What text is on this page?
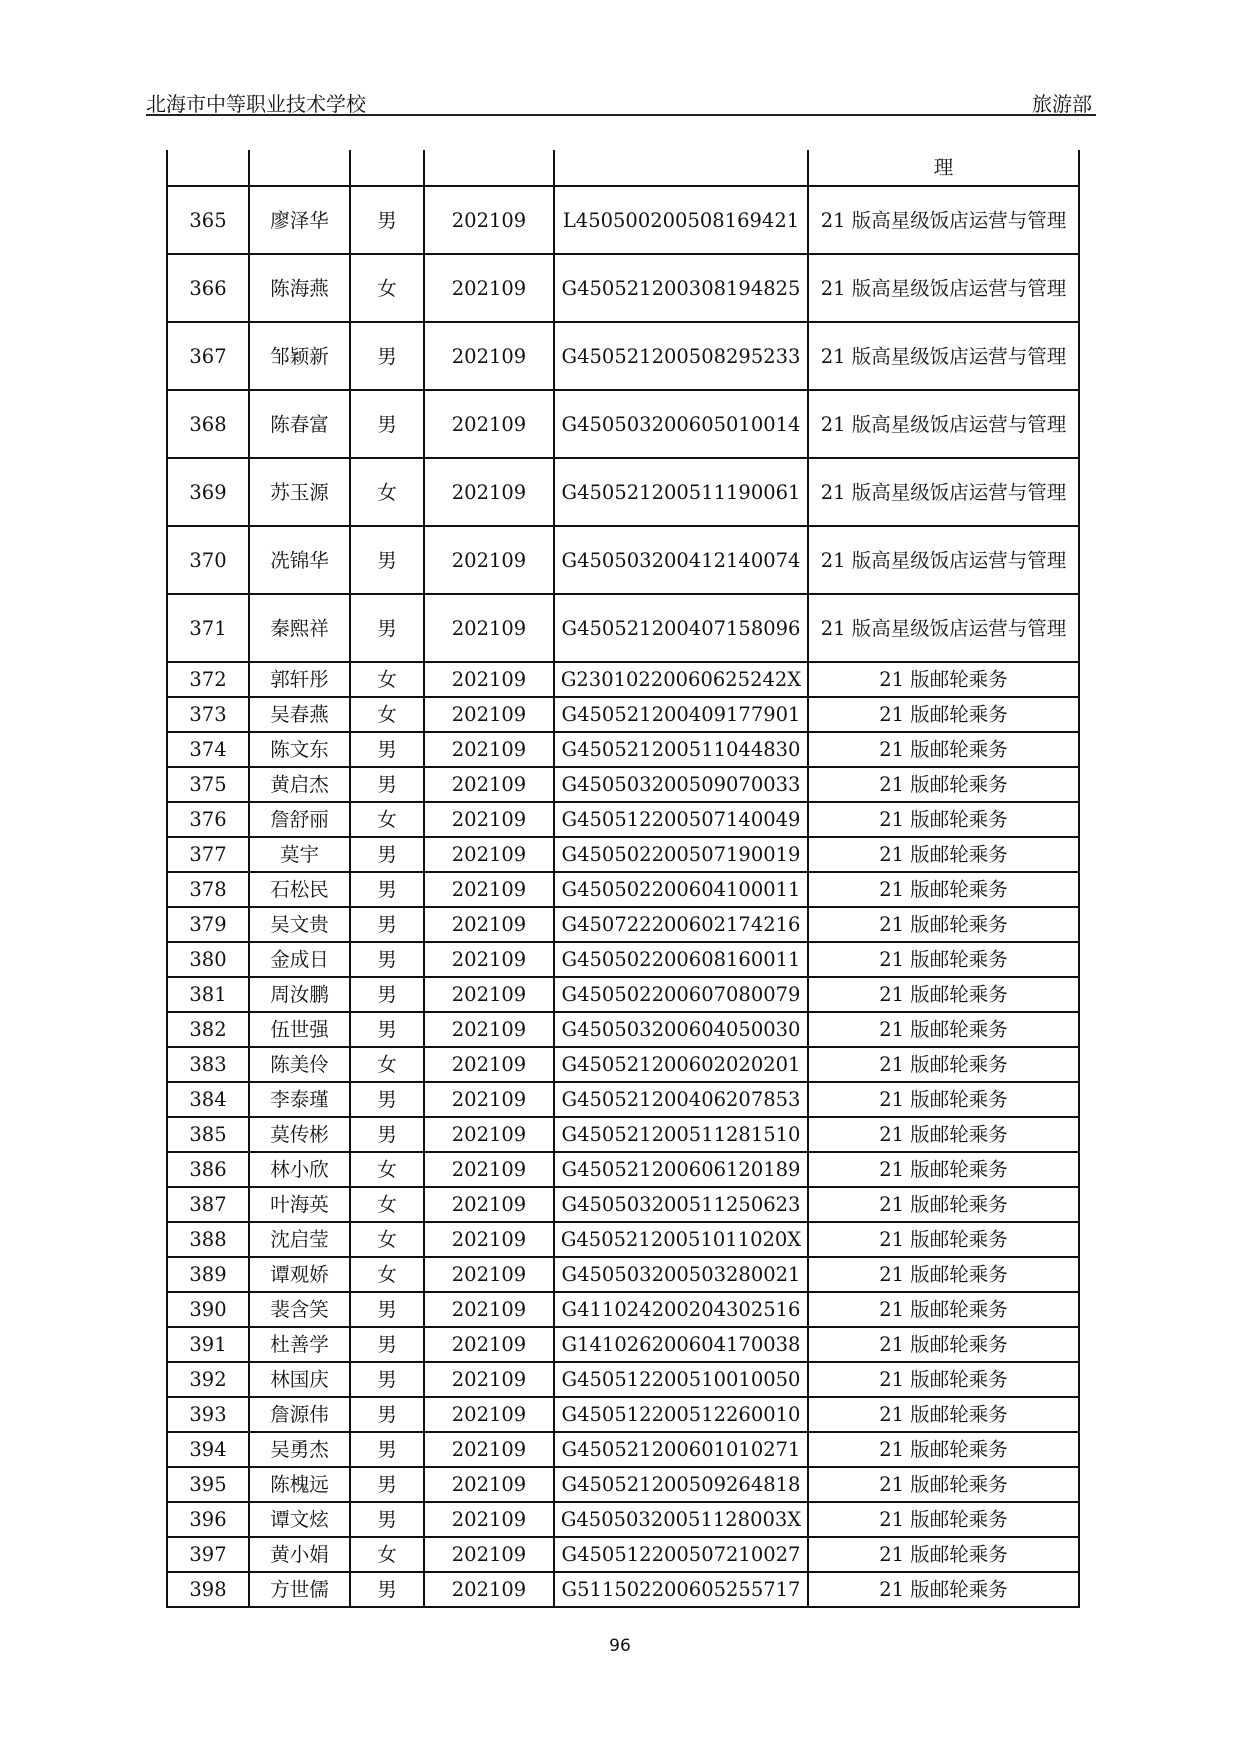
北海市中等职业技术学校	旅游部
					理
365	廖泽华	男	202109	L450500200508169421	21 版高星级饭店运营与管理
366	陈海燕	女	202109	G450521200308194825	21 版高星级饭店运营与管理
367	邹颖新	男	202109	G450521200508295233	21 版高星级饭店运营与管理
368	陈春富	男	202109	G450503200605010014	21 版高星级饭店运营与管理
369	苏玉源	女	202109	G450521200511190061	21 版高星级饭店运营与管理
370	冼锦华	男	202109	G450503200412140074	21 版高星级饭店运营与管理
371	秦熙祥	男	202109	G450521200407158096	21 版高星级饭店运营与管理
372	郭轩彤	女	202109	G23010220060625242X	21 版邮轮乘务
373	吴春燕	女	202109	G450521200409177901	21 版邮轮乘务
374	陈文东	男	202109	G450521200511044830	21 版邮轮乘务
375	黄启杰	男	202109	G450503200509070033	21 版邮轮乘务
376	詹舒丽	女	202109	G450512200507140049	21 版邮轮乘务
377	莫宇	男	202109	G450502200507190019	21 版邮轮乘务
378	石松民	男	202109	G450502200604100011	21 版邮轮乘务
379	吴文贵	男	202109	G450722200602174216	21 版邮轮乘务
380	金成日	男	202109	G450502200608160011	21 版邮轮乘务
381	周汝鹏	男	202109	G450502200607080079	21 版邮轮乘务
382	伍世强	男	202109	G450503200604050030	21 版邮轮乘务
383	陈美伶	女	202109	G450521200602020201	21 版邮轮乘务
384	李泰瑾	男	202109	G450521200406207853	21 版邮轮乘务
385	莫传彬	男	202109	G450521200511281510	21 版邮轮乘务
386	林小欣	女	202109	G450521200606120189	21 版邮轮乘务
387	叶海英	女	202109	G450503200511250623	21 版邮轮乘务
388	沈启莹	女	202109	G45052120051011020X	21 版邮轮乘务
389	谭观娇	女	202109	G450503200503280021	21 版邮轮乘务
390	裴含笑	男	202109	G411024200204302516	21 版邮轮乘务
391	杜善学	男	202109	G141026200604170038	21 版邮轮乘务
392	林国庆	男	202109	G450512200510010050	21 版邮轮乘务
393	詹源伟	男	202109	G450512200512260010	21 版邮轮乘务
394	吴勇杰	男	202109	G450521200601010271	21 版邮轮乘务
395	陈槐远	男	202109	G450521200509264818	21 版邮轮乘务
396	谭文炫	男	202109	G45050320051128003X	21 版邮轮乘务
397	黄小娟	女	202109	G450512200507210027	21 版邮轮乘务
398	方世儒	男	202109	G511502200605255717	21 版邮轮乘务
96
